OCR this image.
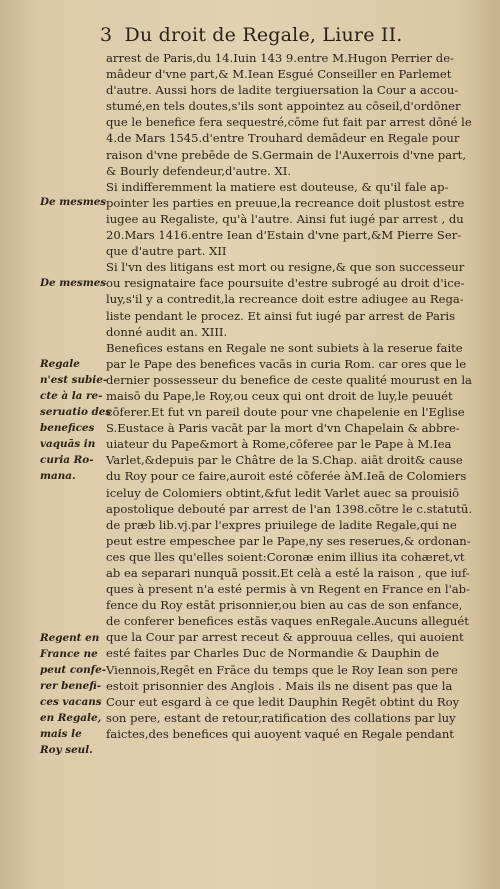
3 Du droit de Regale, Liure II.
De mesmes
De mesmes
Regale
n'est subie-
cte à la re-
seruatio des
benefices
vaquās in
curia Ro-
mana.
Regent en
France ne
peut confe-
rer benefi-
ces vacans
en Regale,
mais le
Roy seul.
arrest de Paris,du 14.Iuin 143 9.entre M.Hugon Perrier de-
mâdeur d'vne part,& M.Iean Esgué Conseiller en Parlemet
d'autre. Aussi hors de ladite tergiuersation la Cour a accou-
stumé,en tels doutes,s'ils sont appointez au cōseil,d'ordōner
que le benefice fera sequestré,cōme fut fait par arrest dōné le
4.de Mars 1545.d'entre Trouhard demādeur en Regale pour
raison d'vne prebēde de S.Germain de l'Auxerrois d'vne part,
& Bourly defendeur,d'autre. XI.
Si indifferemment la matiere est douteuse, & qu'il fale ap-
pointer les parties en preuue,la recreance doit plustost estre
iugee au Regaliste, qu'à l'autre. Ainsi fut iugé par arrest , du
20.Mars 1416.entre Iean d'Estain d'vne part,&M Pierre Ser-
que d'autre part. XII
Si l'vn des litigans est mort ou resigne,& que son successeur
ou resignataire face poursuite d'estre subrogé au droit d'ice-
luy,s'il y a contredit,la recreance doit estre adiugee au Rega-
liste pendant le procez. Et ainsi fut iugé par arrest de Paris
donné audit an. XIII.
Benefices estans en Regale ne sont subiets à la reserue faite
par le Pape des benefices vacās in curia Rom. car ores que le
dernier possesseur du benefice de ceste qualité mourust en la
maisō du Pape,le Roy,ou ceux qui ont droit de luy,le peuuét
cōferer.Et fut vn pareil doute pour vne chapelenie en l'Eglise
S.Eustace à Paris vacāt par la mort d'vn Chapelain & abbre-
uiateur du Pape&mort à Rome,cōferee par le Pape à M.Iea
Varlet,&depuis par le Châtre de la S.Chap. aiāt droit& cause
du Roy pour ce faire,auroit esté cōferée àM.Ieā de Colomiers
iceluy de Colomiers obtint,&fut ledit Varlet auec sa prouisiō
apostolique debouté par arrest de l'an 1398.cōtre le c.statutū.
de præb lib.vj.par l'expres priuilege de ladite Regale,qui ne
peut estre empeschee par le Pape,ny ses reserues,& ordonan-
ces que lles qu'elles soient:Coronæ enim illius ita cohæret,vt
ab ea separari nunquā possit.Et celà a esté la raison , que iuf-
ques à present n'a esté permis à vn Regent en France en l'ab-
fence du Roy estāt prisonnier,ou bien au cas de son enfance,
de conferer benefices estās vaques enRegale.Aucuns alleguét
que la Cour par arrest receut & approuua celles, qui auoient
esté faites par Charles Duc de Normandie & Dauphin de
Viennois,Regēt en Frāce du temps que le Roy Iean son pere
estoit prisonnier des Anglois . Mais ils ne disent pas que la
Cour eut esgard à ce que ledit Dauphin Regēt obtint du Roy
son pere, estant de retour,ratification des collations par luy
faictes,des benefices qui auoyent vaqué en Regale pendant
